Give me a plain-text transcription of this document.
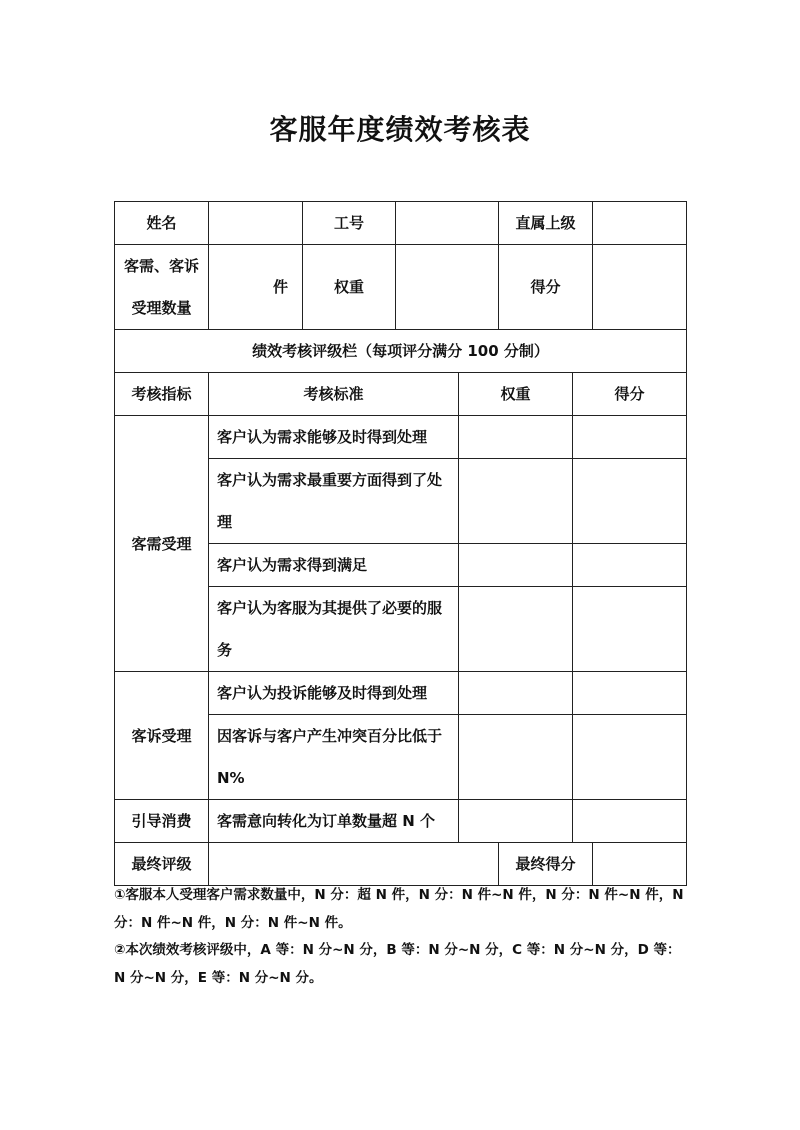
客服年度绩效考核表
姓名		工号			直属上级		
客需、客诉受理数量	件	权重			得分		
绩效考核评级栏（每项评分满分 100 分制）							
考核指标	考核标准			权重		得分	
客需受理	客户认为需求能够及时得到处理						
	客户认为需求最重要方面得到了处理						
	客户认为需求得到满足						
	客户认为客服为其提供了必要的服务						
客诉受理	客户认为投诉能够及时得到处理						
	因客诉与客户产生冲突百分比低于 N%						
引导消费	客需意向转化为订单数量超 N 个						
最终评级					最终得分		

①客服本人受理客户需求数量中，N 分：超 N 件，N 分：N 件~N 件，N 分：N 件~N 件，N 分：N 件~N 件，N 分：N 件~N 件。

②本次绩效考核评级中，A 等：N 分~N 分，B 等：N 分~N 分，C 等：N 分~N 分，D 等：N 分~N 分，E 等：N 分~N 分。
